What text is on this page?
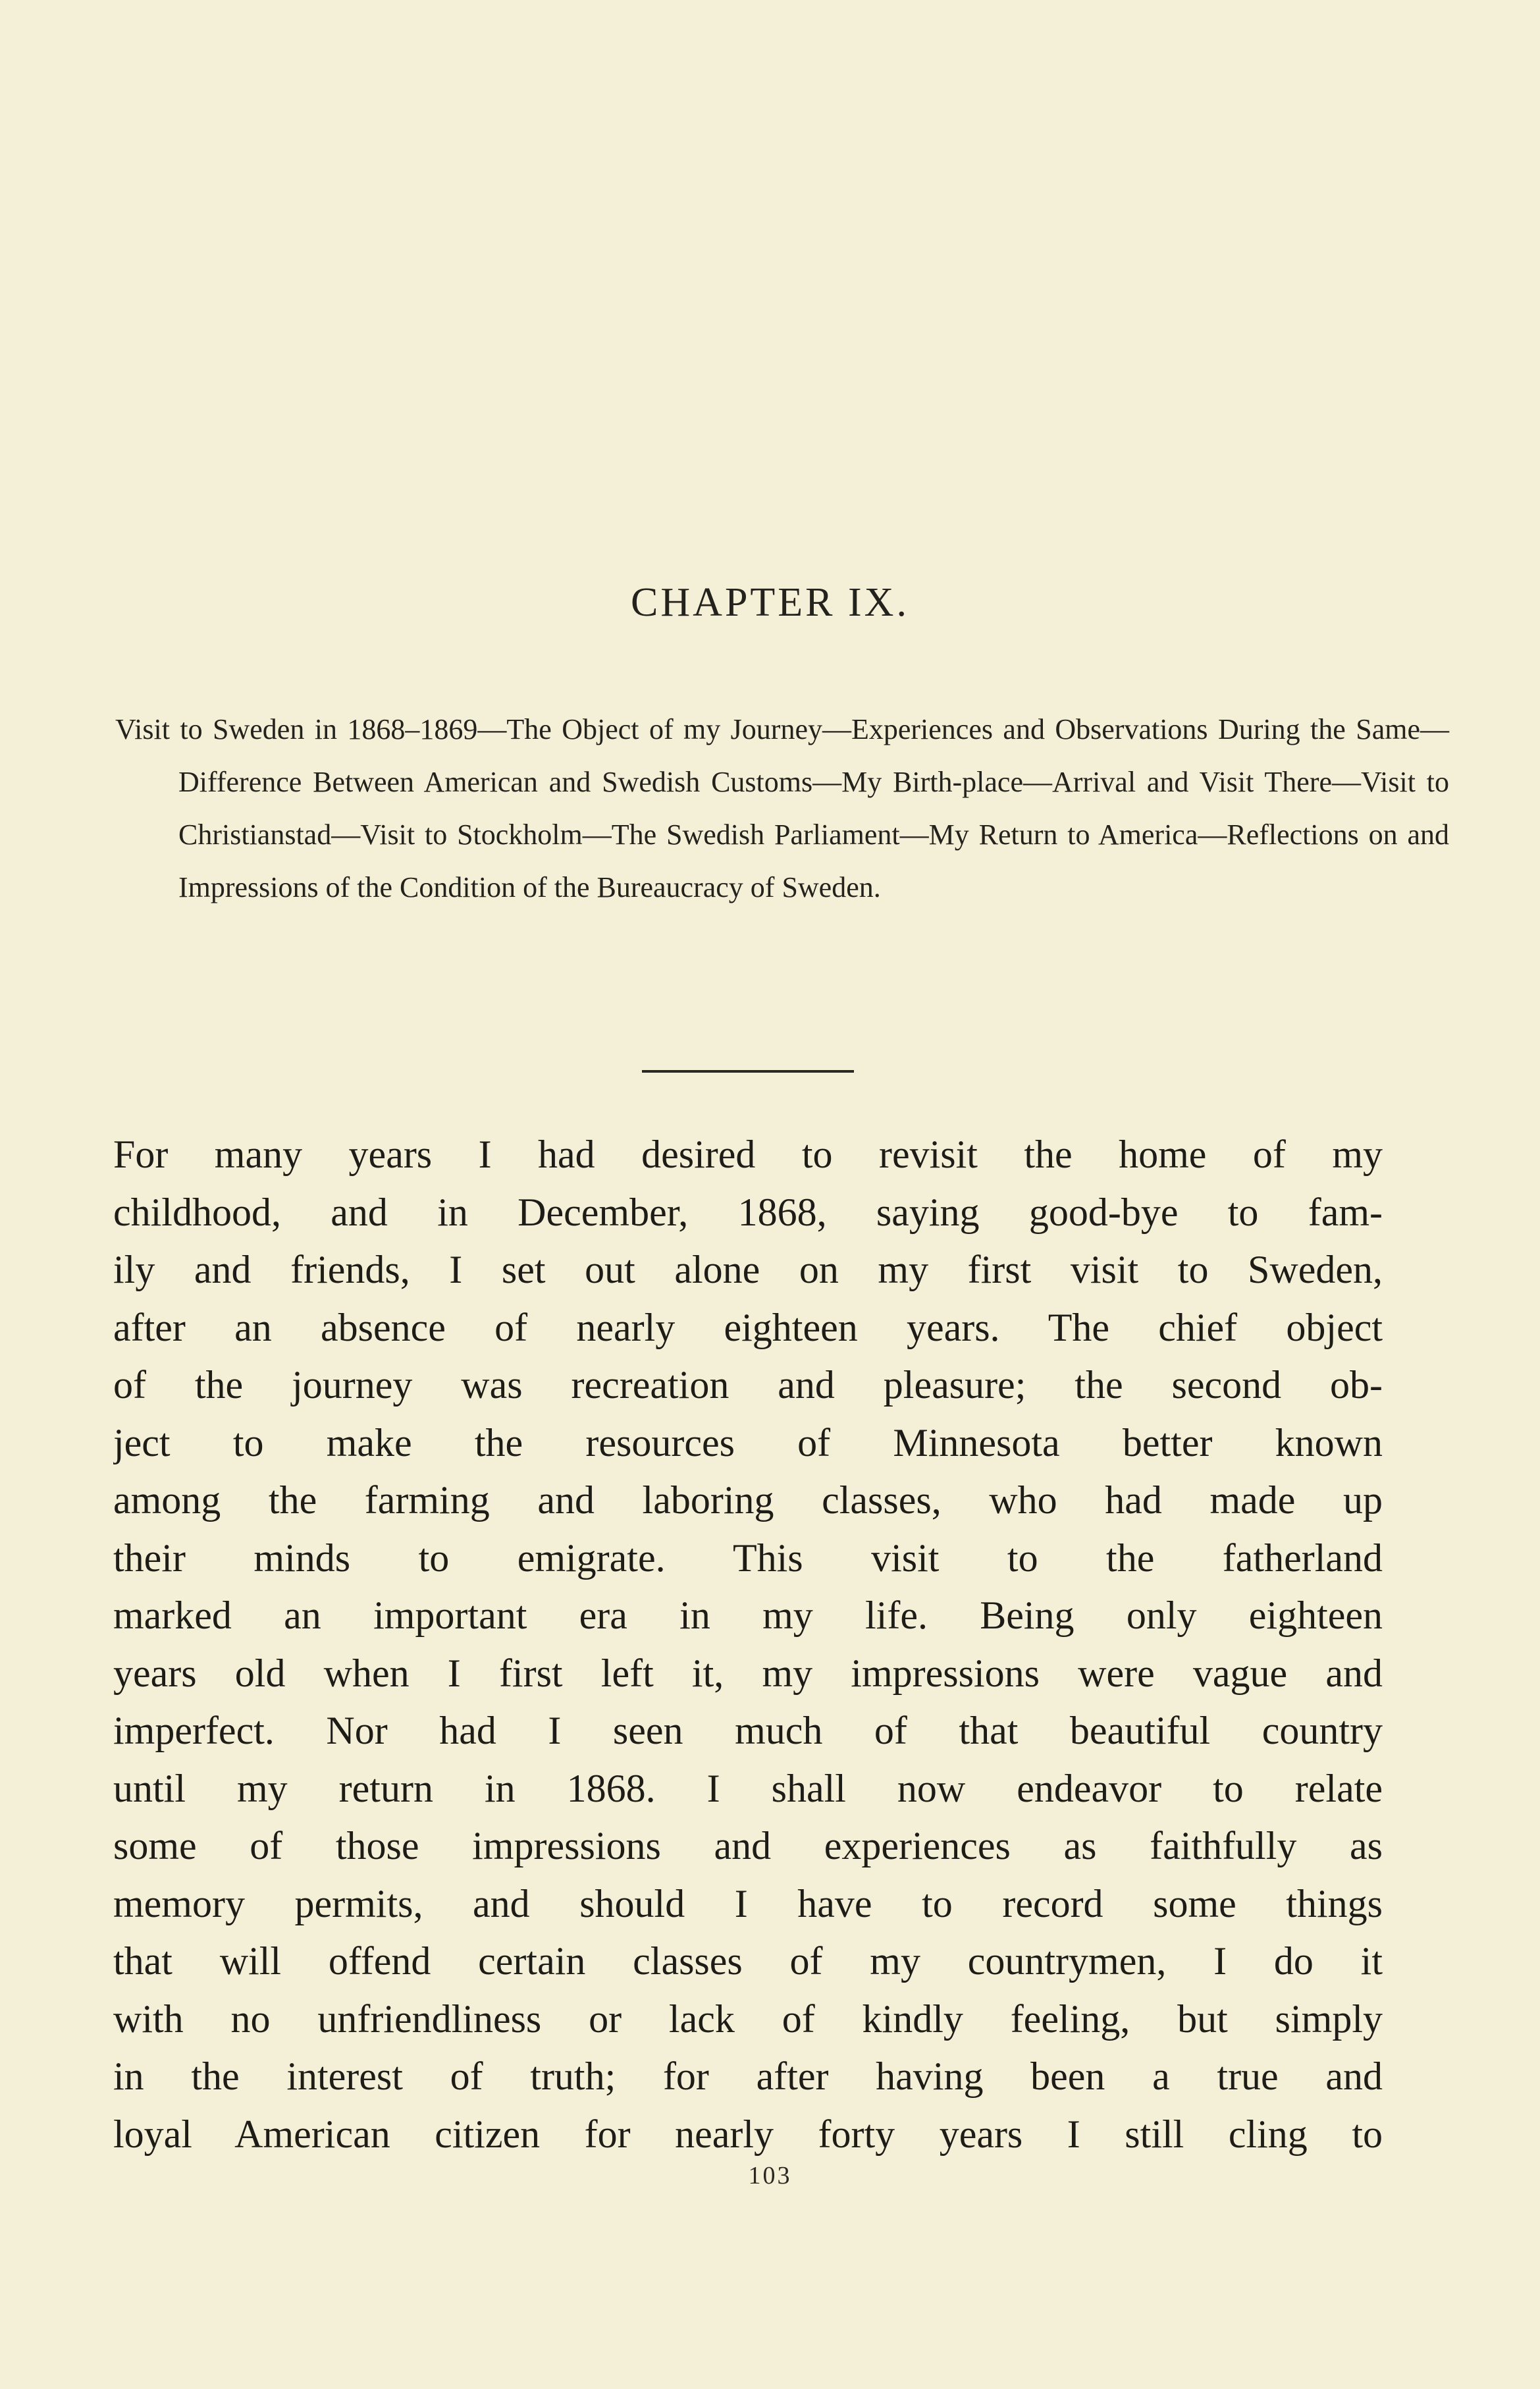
CHAPTER IX.

Visit to Sweden in 1868–1869—The Object of my Journey—Experiences and Observations During the Same—Difference Between American and Swedish Customs—My Birth-place—Arrival and Visit There—Visit to Christianstad—Visit to Stockholm—The Swedish Parliament—My Return to America—Reflections on and Impressions of the Condition of the Bureaucracy of Sweden.

For many years I had desired to revisit the home of my
childhood, and in December, 1868, saying good-bye to fam-
ily and friends, I set out alone on my first visit to Sweden,
after an absence of nearly eighteen years. The chief object
of the journey was recreation and pleasure; the second ob-
ject to make the resources of Minnesota better known
among the farming and laboring classes, who had made up
their minds to emigrate. This visit to the fatherland
marked an important era in my life. Being only eighteen
years old when I first left it, my impressions were vague and
imperfect. Nor had I seen much of that beautiful country
until my return in 1868. I shall now endeavor to relate
some of those impressions and experiences as faithfully as
memory permits, and should I have to record some things
that will offend certain classes of my countrymen, I do it
with no unfriendliness or lack of kindly feeling, but simply
in the interest of truth; for after having been a true and
loyal American citizen for nearly forty years I still cling to
103
